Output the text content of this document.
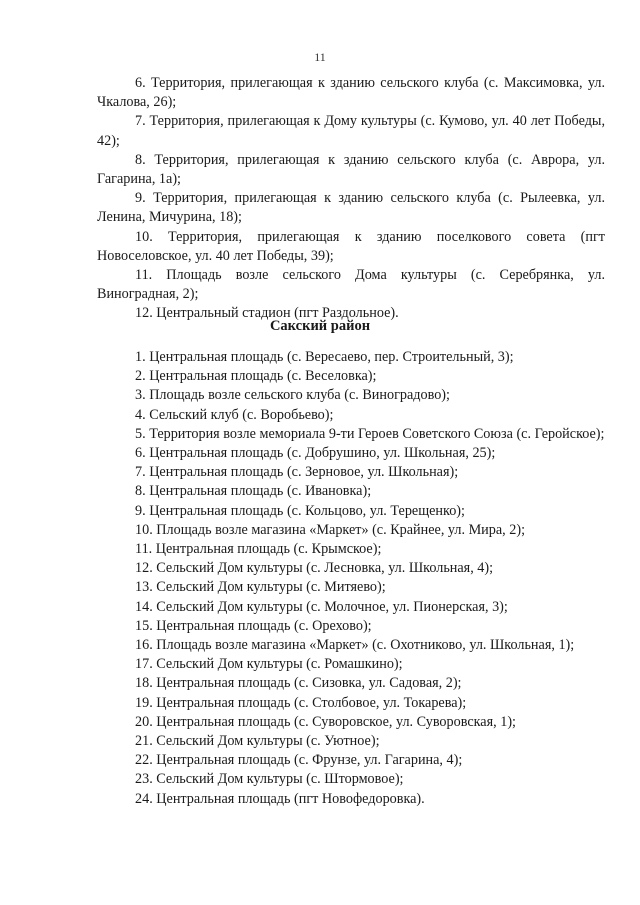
11

6. Территория, прилегающая к зданию сельского клуба (с. Максимовка, ул. Чкалова, 26);

7. Территория, прилегающая к Дому культуры (с. Кумово, ул. 40 лет Победы, 42);

8. Территория, прилегающая к зданию сельского клуба (с. Аврора, ул. Гагарина, 1а);

9. Территория, прилегающая к зданию сельского клуба (с. Рылеевка, ул. Ленина, Мичурина, 18);

10. Территория, прилегающая к зданию поселкового совета (пгт Новоселовское, ул. 40 лет Победы, 39);

11. Площадь возле сельского Дома культуры (с. Серебрянка, ул. Виноградная, 2);

12. Центральный стадион (пгт Раздольное).

Сакский район

1. Центральная площадь (с. Вересаево, пер. Строительный, 3);

2. Центральная площадь (с. Веселовка);

3. Площадь возле сельского клуба (с. Виноградово);

4. Сельский клуб (с. Воробьево);

5. Территория возле мемориала 9-ти Героев Советского Союза (с. Геройское);

6. Центральная площадь (с. Добрушино, ул. Школьная, 25);

7. Центральная площадь (с. Зерновое, ул. Школьная);

8. Центральная площадь (с. Ивановка);

9. Центральная площадь (с. Кольцово, ул. Терещенко);

10. Площадь возле магазина «Маркет» (с. Крайнее, ул. Мира, 2);

11. Центральная площадь (с. Крымское);

12. Сельский Дом культуры (с. Лесновка, ул. Школьная, 4);

13. Сельский Дом культуры (с. Митяево);

14. Сельский Дом культуры (с. Молочное, ул. Пионерская, 3);

15. Центральная площадь (с. Орехово);

16. Площадь возле магазина «Маркет» (с. Охотниково, ул. Школьная, 1);

17. Сельский Дом культуры (с. Ромашкино);

18. Центральная площадь (с. Сизовка, ул. Садовая, 2);

19. Центральная площадь (с. Столбовое, ул. Токарева);

20. Центральная площадь (с. Суворовское, ул. Суворовская, 1);

21. Сельский Дом культуры (с. Уютное);

22. Центральная площадь (с. Фрунзе, ул. Гагарина, 4);

23. Сельский Дом культуры (с. Штормовое);

24. Центральная площадь (пгт Новофедоровка).
